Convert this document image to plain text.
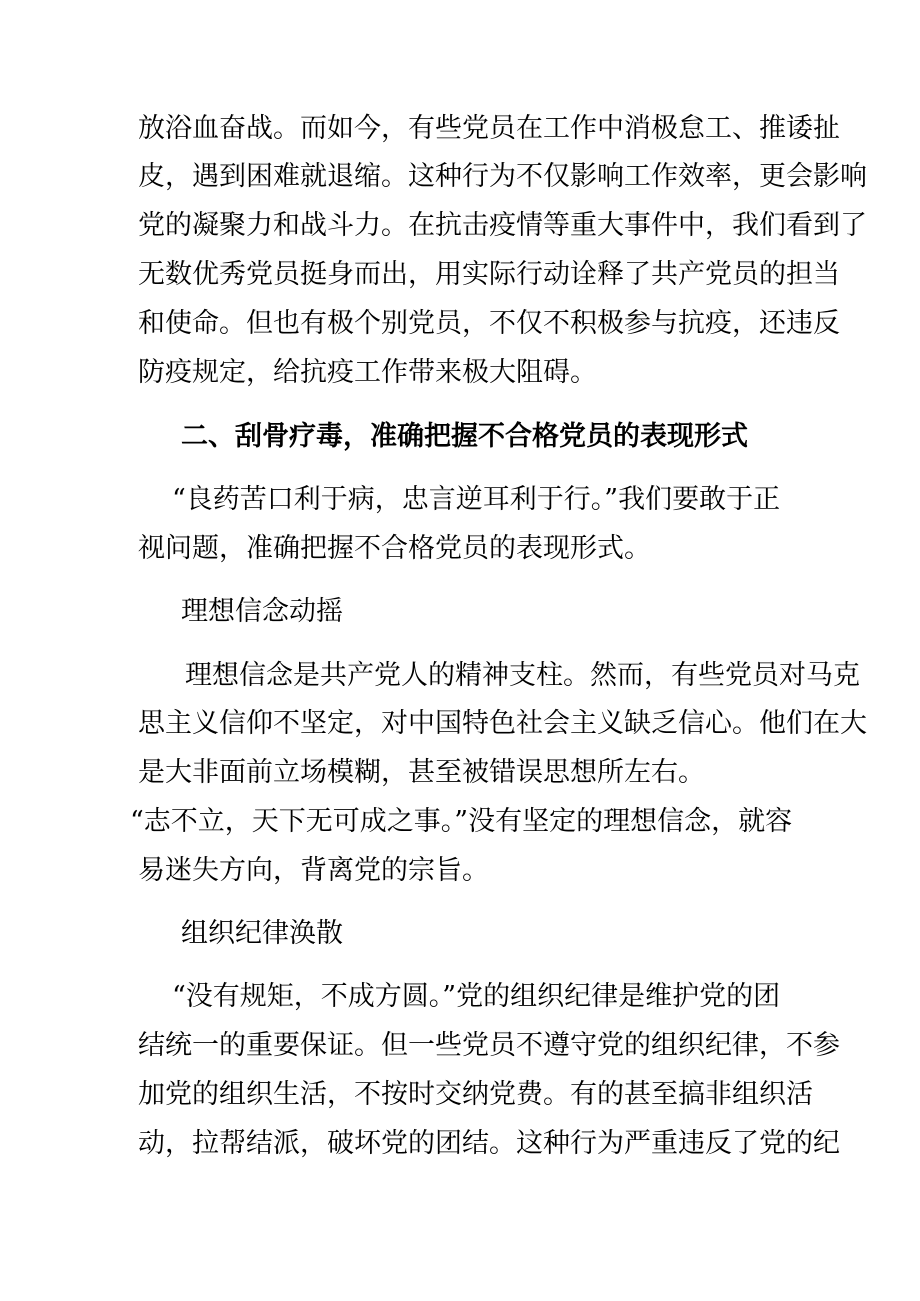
放浴血奋战。而如今，有些党员在工作中消极怠工、推诿扯
皮，遇到困难就退缩。这种行为不仅影响工作效率，更会影响
党的凝聚力和战斗力。在抗击疫情等重大事件中，我们看到了
无数优秀党员挺身而出，用实际行动诠释了共产党员的担当
和使命。但也有极个别党员，不仅不积极参与抗疫，还违反
防疫规定，给抗疫工作带来极大阻碍。
二、刮骨疗毒，准确把握不合格党员的表现形式
“良药苦口利于病，忠言逆耳利于行。”我们要敢于正
视问题，准确把握不合格党员的表现形式。
理想信念动摇
理想信念是共产党人的精神支柱。然而，有些党员对马克
思主义信仰不坚定，对中国特色社会主义缺乏信心。他们在大
是大非面前立场模糊，甚至被错误思想所左右。
“志不立，天下无可成之事。”没有坚定的理想信念，就容
易迷失方向，背离党的宗旨。
组织纪律涣散
“没有规矩，不成方圆。”党的组织纪律是维护党的团
结统一的重要保证。但一些党员不遵守党的组织纪律，不参
加党的组织生活，不按时交纳党费。有的甚至搞非组织活
动，拉帮结派，破坏党的团结。这种行为严重违反了党的纪
